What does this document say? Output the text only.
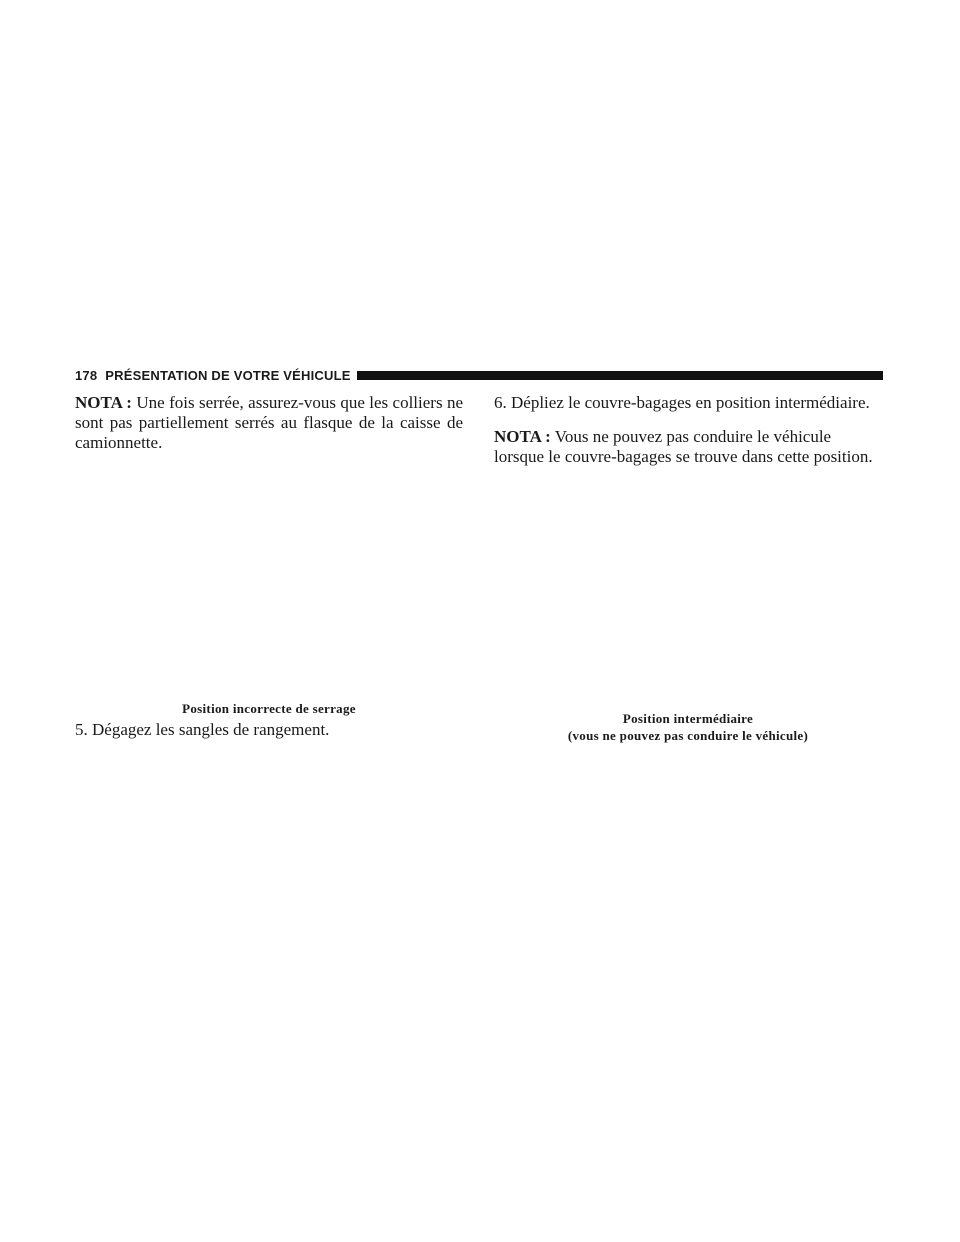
178 PRÉSENTATION DE VOTRE VÉHICULE

NOTA : Une fois serrée, assurez-vous que les colliers ne sont pas partiellement serrés au flasque de la caisse de camionnette.

Position incorrecte de serrage
5. Dégagez les sangles de rangement.

6. Dépliez le couvre-bagages en position intermédiaire.

NOTA : Vous ne pouvez pas conduire le véhicule lorsque le couvre-bagages se trouve dans cette position.

Position intermédiaire
(vous ne pouvez pas conduire le véhicule)
